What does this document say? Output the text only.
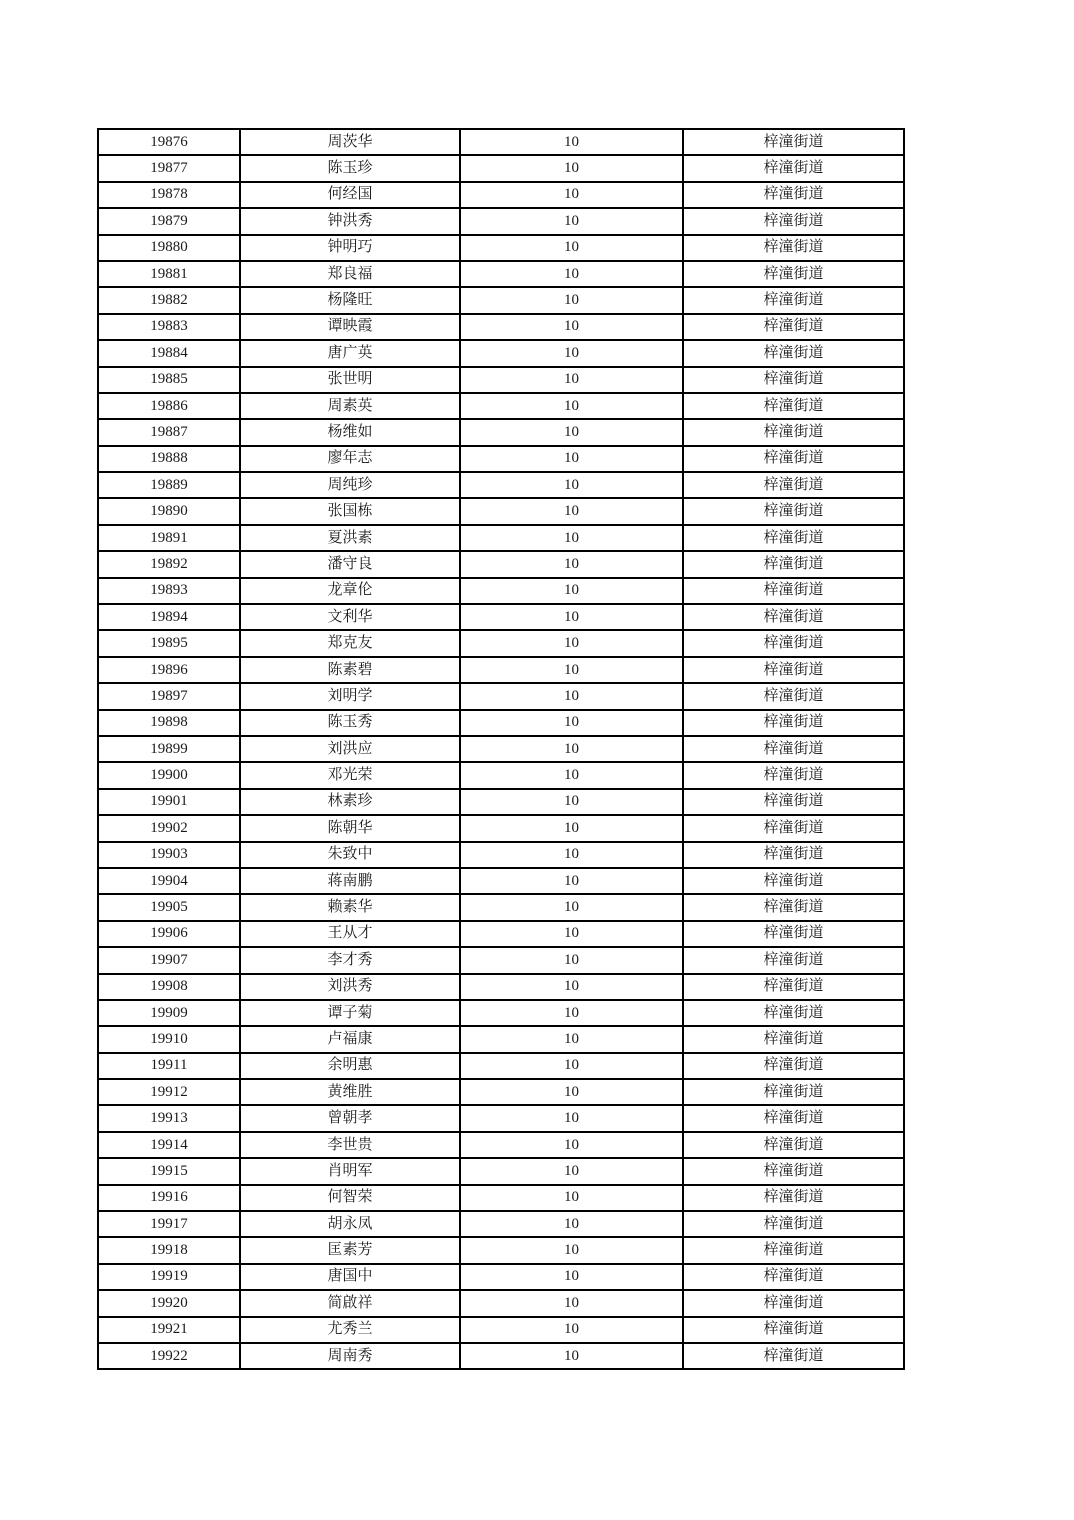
19876	周茨华	10	梓潼街道
19877	陈玉珍	10	梓潼街道
19878	何经国	10	梓潼街道
19879	钟洪秀	10	梓潼街道
19880	钟明巧	10	梓潼街道
19881	郑良福	10	梓潼街道
19882	杨隆旺	10	梓潼街道
19883	谭映霞	10	梓潼街道
19884	唐广英	10	梓潼街道
19885	张世明	10	梓潼街道
19886	周素英	10	梓潼街道
19887	杨维如	10	梓潼街道
19888	廖年志	10	梓潼街道
19889	周纯珍	10	梓潼街道
19890	张国栋	10	梓潼街道
19891	夏洪素	10	梓潼街道
19892	潘守良	10	梓潼街道
19893	龙章伦	10	梓潼街道
19894	文利华	10	梓潼街道
19895	郑克友	10	梓潼街道
19896	陈素碧	10	梓潼街道
19897	刘明学	10	梓潼街道
19898	陈玉秀	10	梓潼街道
19899	刘洪应	10	梓潼街道
19900	邓光荣	10	梓潼街道
19901	林素珍	10	梓潼街道
19902	陈朝华	10	梓潼街道
19903	朱致中	10	梓潼街道
19904	蒋南鹏	10	梓潼街道
19905	赖素华	10	梓潼街道
19906	王从才	10	梓潼街道
19907	李才秀	10	梓潼街道
19908	刘洪秀	10	梓潼街道
19909	谭子菊	10	梓潼街道
19910	卢福康	10	梓潼街道
19911	余明惠	10	梓潼街道
19912	黄维胜	10	梓潼街道
19913	曾朝孝	10	梓潼街道
19914	李世贵	10	梓潼街道
19915	肖明军	10	梓潼街道
19916	何智荣	10	梓潼街道
19917	胡永凤	10	梓潼街道
19918	匡素芳	10	梓潼街道
19919	唐国中	10	梓潼街道
19920	简啟祥	10	梓潼街道
19921	尤秀兰	10	梓潼街道
19922	周南秀	10	梓潼街道
